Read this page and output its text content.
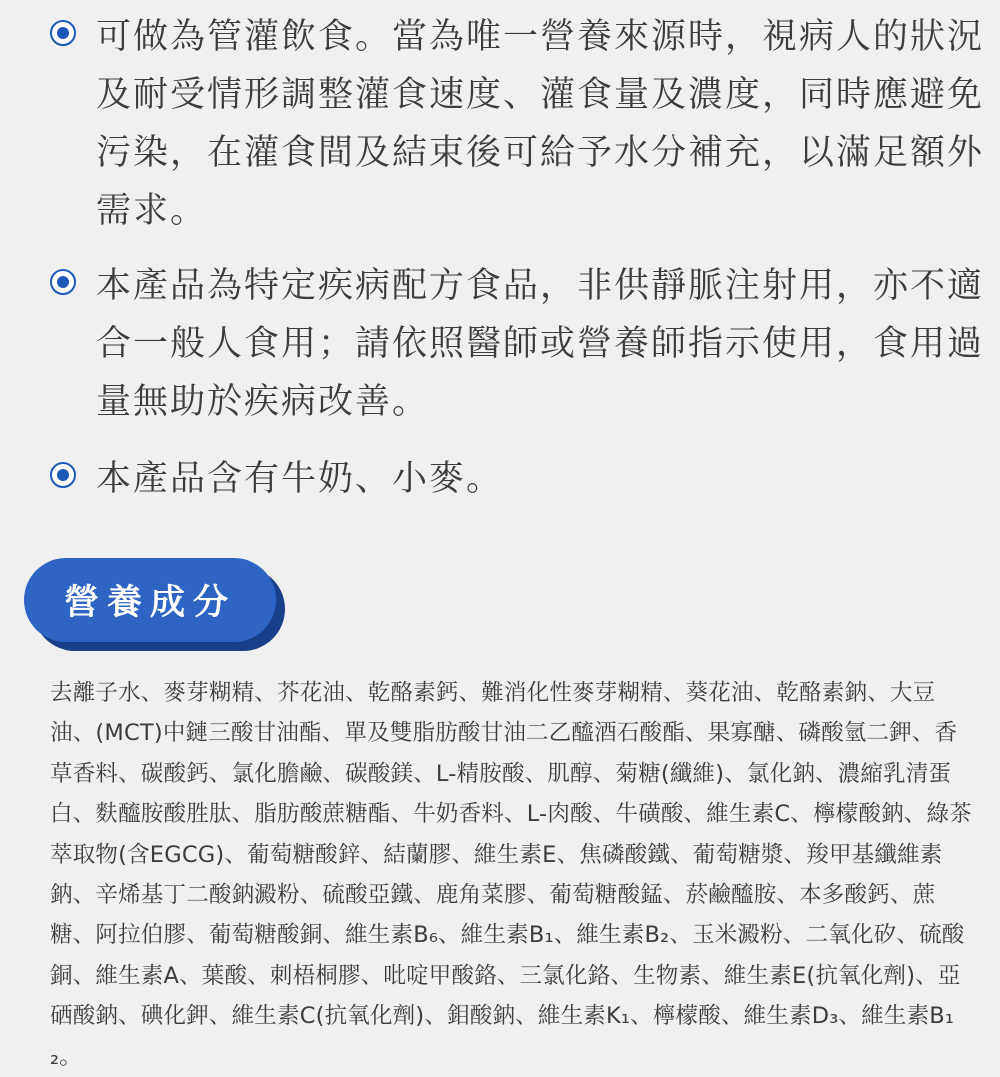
可做為管灌飲食。當為唯一營養來源時，視病人的狀況及耐受情形調整灌食速度、灌食量及濃度，同時應避免污染，在灌食間及結束後可給予水分補充，以滿足額外需求。

本產品為特定疾病配方食品，非供靜脈注射用，亦不適合一般人食用；請依照醫師或營養師指示使用，食用過量無助於疾病改善。

本產品含有牛奶、小麥。

營養成分

去離子水、麥芽糊精、芥花油、乾酪素鈣、難消化性麥芽糊精、葵花油、乾酪素鈉、大豆油、(MCT)中鏈三酸甘油酯、單及雙脂肪酸甘油二乙醯酒石酸酯、果寡醣、磷酸氫二鉀、香草香料、碳酸鈣、氯化膽鹼、碳酸鎂、L-精胺酸、肌醇、菊糖(纖維)、氯化鈉、濃縮乳清蛋白、麩醯胺酸胜肽、脂肪酸蔗糖酯、牛奶香料、L-肉酸、牛磺酸、維生素C、檸檬酸鈉、綠茶萃取物(含EGCG)、葡萄糖酸鋅、結蘭膠、維生素E、焦磷酸鐵、葡萄糖漿、羧甲基纖維素鈉、辛烯基丁二酸鈉澱粉、硫酸亞鐵、鹿角菜膠、葡萄糖酸錳、菸鹼醯胺、本多酸鈣、蔗糖、阿拉伯膠、葡萄糖酸銅、維生素B₆、維生素B₁、維生素B₂、玉米澱粉、二氧化矽、硫酸銅、維生素A、葉酸、刺梧桐膠、吡啶甲酸鉻、三氯化鉻、生物素、維生素E(抗氧化劑)、亞硒酸鈉、碘化鉀、維生素C(抗氧化劑)、鉬酸鈉、維生素K₁、檸檬酸、維生素D₃、維生素B₁₂。
